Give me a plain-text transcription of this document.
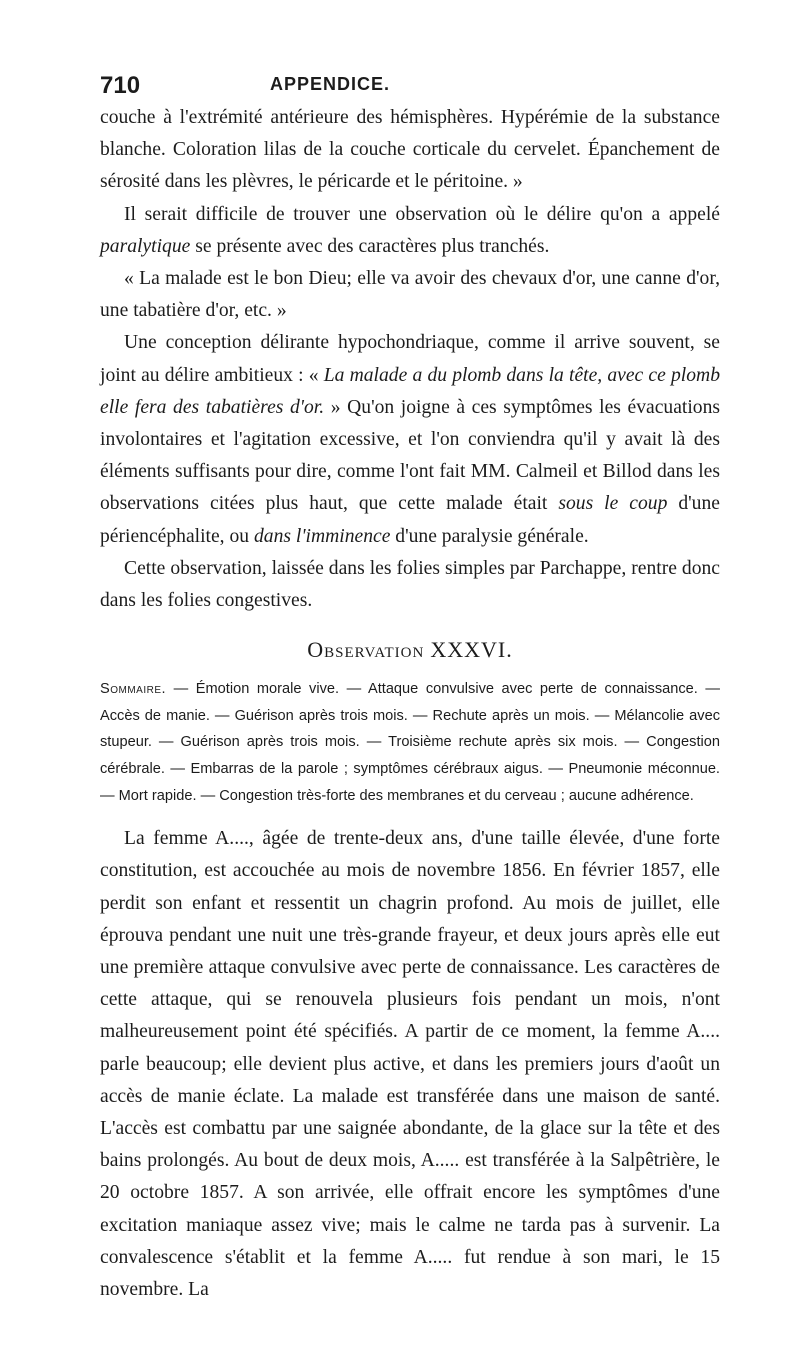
710	APPENDICE.

couche à l'extrémité antérieure des hémisphères. Hypérémie de la substance blanche. Coloration lilas de la couche corticale du cervelet. Épanchement de sérosité dans les plèvres, le péricarde et le péritoine. »

Il serait difficile de trouver une observation où le délire qu'on a appelé paralytique se présente avec des caractères plus tranchés.

« La malade est le bon Dieu; elle va avoir des chevaux d'or, une canne d'or, une tabatière d'or, etc. »

Une conception délirante hypochondriaque, comme il arrive souvent, se joint au délire ambitieux : « La malade a du plomb dans la tête, avec ce plomb elle fera des tabatières d'or. » Qu'on joigne à ces symptômes les évacuations involontaires et l'agitation excessive, et l'on conviendra qu'il y avait là des éléments suffisants pour dire, comme l'ont fait MM. Calmeil et Billod dans les observations citées plus haut, que cette malade était sous le coup d'une périencéphalite, ou dans l'imminence d'une paralysie générale.

Cette observation, laissée dans les folies simples par Parchappe, rentre donc dans les folies congestives.

Observation XXXVI.

Sommaire. — Émotion morale vive. — Attaque convulsive avec perte de connaissance. — Accès de manie. — Guérison après trois mois. — Rechute après un mois. — Mélancolie avec stupeur. — Guérison après trois mois. — Troisième rechute après six mois. — Congestion cérébrale. — Embarras de la parole ; symptômes cérébraux aigus. — Pneumonie méconnue. — Mort rapide. — Congestion très-forte des membranes et du cerveau ; aucune adhérence.

La femme A...., âgée de trente-deux ans, d'une taille élevée, d'une forte constitution, est accouchée au mois de novembre 1856. En février 1857, elle perdit son enfant et ressentit un chagrin profond. Au mois de juillet, elle éprouva pendant une nuit une très-grande frayeur, et deux jours après elle eut une première attaque convulsive avec perte de connaissance. Les caractères de cette attaque, qui se renouvela plusieurs fois pendant un mois, n'ont malheureusement point été spécifiés. A partir de ce moment, la femme A.... parle beaucoup; elle devient plus active, et dans les premiers jours d'août un accès de manie éclate. La malade est transférée dans une maison de santé. L'accès est combattu par une saignée abondante, de la glace sur la tête et des bains prolongés. Au bout de deux mois, A..... est transférée à la Salpêtrière, le 20 octobre 1857. A son arrivée, elle offrait encore les symptômes d'une excitation maniaque assez vive; mais le calme ne tarda pas à survenir. La convalescence s'établit et la femme A..... fut rendue à son mari, le 15 novembre. La
